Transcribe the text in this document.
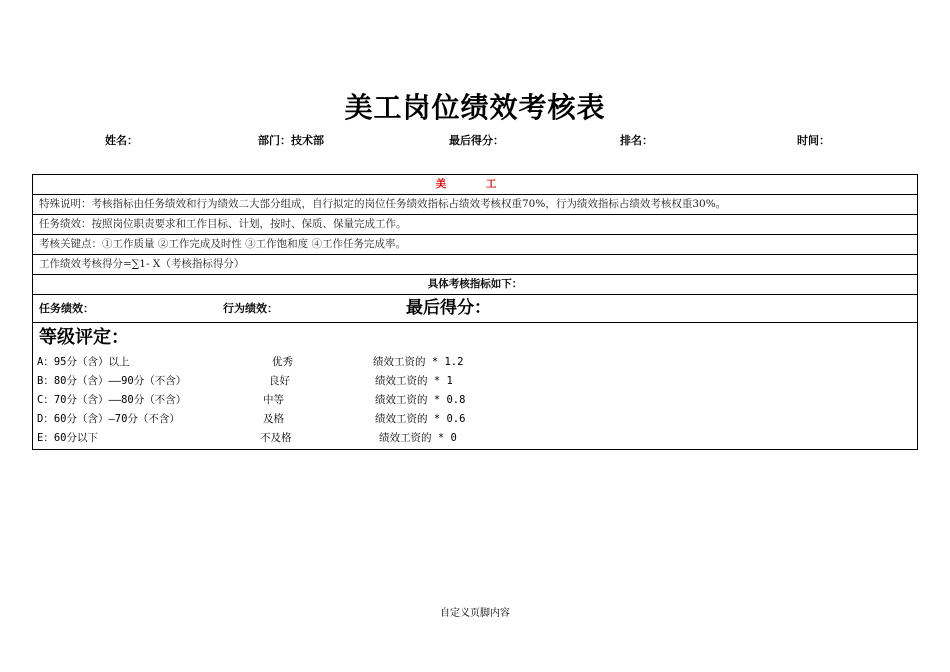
美工岗位绩效考核表
姓名：	部门：技术部	最后得分：	排名：	时间：
美 工
特殊说明：考核指标由任务绩效和行为绩效二大部分组成，自行拟定的岗位任务绩效指标占绩效考核权重70%，行为绩效指标占绩效考核权重30%。
任务绩效：按照岗位职责要求和工作目标、计划，按时、保质、保量完成工作。
考核关键点：①工作质量 ②工作完成及时性 ③工作饱和度 ④工作任务完成率。
工作绩效考核得分=∑1- X（考核指标得分）
具体考核指标如下：
任务绩效：	行为绩效：	最后得分：
等级评定：
A：95分（含）以上	优秀	绩效工资的 * 1.2
B：80分（含）——90分（不含）	良好	绩效工资的 * 1
C：70分（含）——80分（不含）	中等	绩效工资的 * 0.8
D：60分（含）—70分（不含）	及格	绩效工资的 * 0.6
E：60分以下	不及格	绩效工资的 * 0
自定义页脚内容
